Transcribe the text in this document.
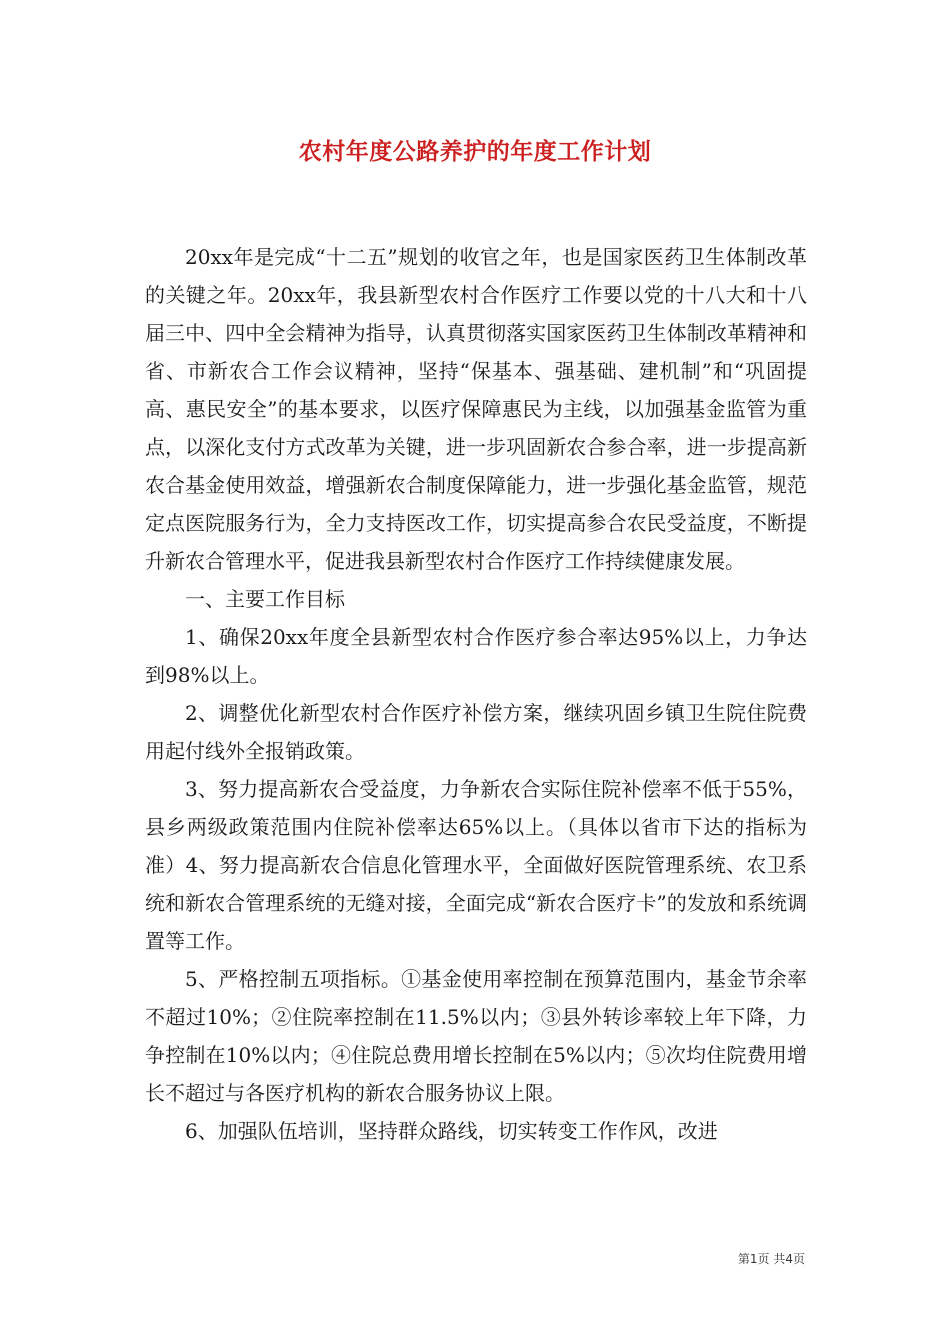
农村年度公路养护的年度工作计划

20xx年是完成“十二五”规划的收官之年，也是国家医药卫生体制改革的关键之年。20xx年，我县新型农村合作医疗工作要以党的十八大和十八届三中、四中全会精神为指导，认真贯彻落实国家医药卫生体制改革精神和省、市新农合工作会议精神，坚持“保基本、强基础、建机制”和“巩固提高、惠民安全”的基本要求，以医疗保障惠民为主线，以加强基金监管为重点，以深化支付方式改革为关键，进一步巩固新农合参合率，进一步提高新农合基金使用效益，增强新农合制度保障能力，进一步强化基金监管，规范定点医院服务行为，全力支持医改工作，切实提高参合农民受益度，不断提升新农合管理水平，促进我县新型农村合作医疗工作持续健康发展。

一、主要工作目标

1、确保20xx年度全县新型农村合作医疗参合率达95%以上，力争达到98%以上。

2、调整优化新型农村合作医疗补偿方案，继续巩固乡镇卫生院住院费用起付线外全报销政策。

3、努力提高新农合受益度，力争新农合实际住院补偿率不低于55%，县乡两级政策范围内住院补偿率达65%以上。（具体以省市下达的指标为准）4、努力提高新农合信息化管理水平，全面做好医院管理系统、农卫系统和新农合管理系统的无缝对接，全面完成“新农合医疗卡”的发放和系统调置等工作。

5、严格控制五项指标。①基金使用率控制在预算范围内，基金节余率不超过10%；②住院率控制在11.5%以内；③县外转诊率较上年下降，力争控制在10%以内；④住院总费用增长控制在5%以内；⑤次均住院费用增长不超过与各医疗机构的新农合服务协议上限。

6、加强队伍培训，坚持群众路线，切实转变工作作风，改进

第1页 共4页
